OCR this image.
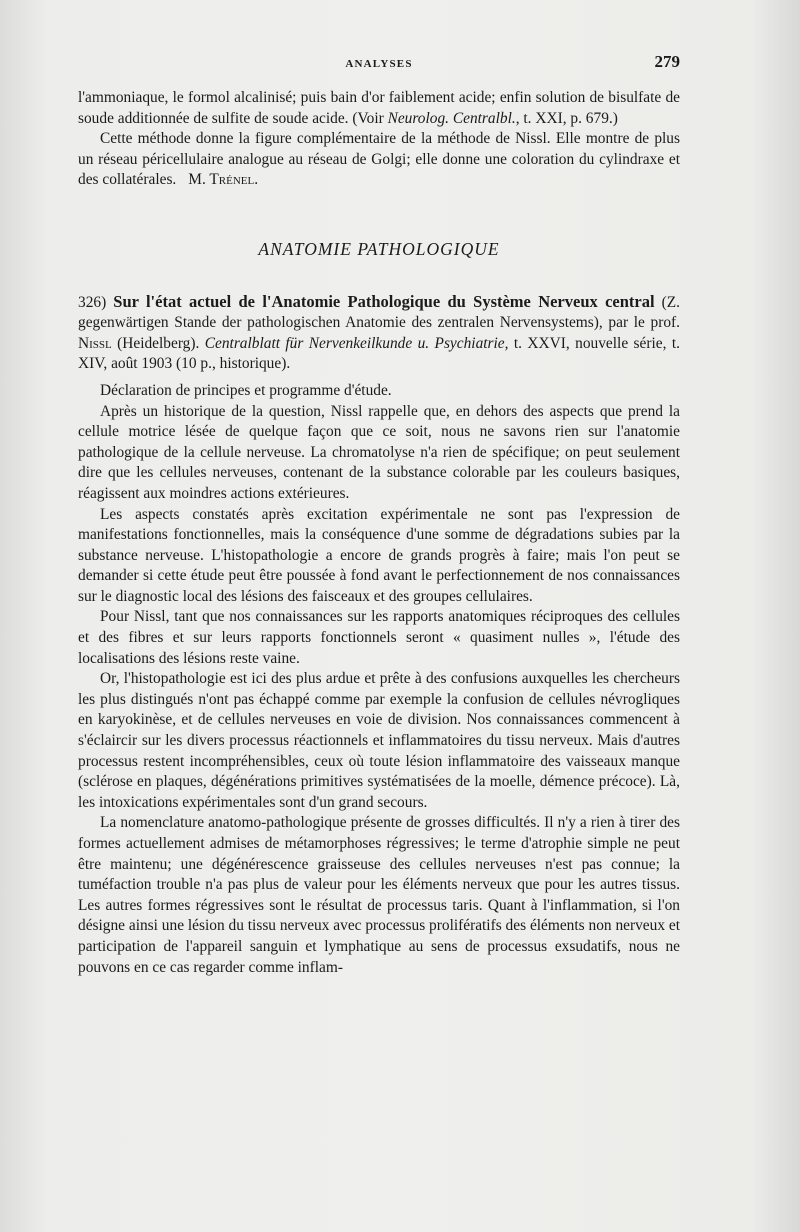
ANALYSES	279

l'ammoniaque, le formol alcalinisé; puis bain d'or faiblement acide; enfin solution de bisulfate de soude additionnée de sulfite de soude acide. (Voir Neurolog. Centralbl., t. XXI, p. 679.)

Cette méthode donne la figure complémentaire de la méthode de Nissl. Elle montre de plus un réseau péricellulaire analogue au réseau de Golgi; elle donne une coloration du cylindraxe et des collatérales. M. Trénel.

ANATOMIE PATHOLOGIQUE

326) Sur l'état actuel de l'Anatomie Pathologique du Système Nerveux central (Z. gegenwärtigen Stande der pathologischen Anatomie des zentralen Nervensystems), par le prof. Nissl (Heidelberg). Centralblatt für Nervenkeilkunde u. Psychiatrie, t. XXVI, nouvelle série, t. XIV, août 1903 (10 p., historique).

Déclaration de principes et programme d'étude.

Après un historique de la question, Nissl rappelle que, en dehors des aspects que prend la cellule motrice lésée de quelque façon que ce soit, nous ne savons rien sur l'anatomie pathologique de la cellule nerveuse. La chromatolyse n'a rien de spécifique; on peut seulement dire que les cellules nerveuses, contenant de la substance colorable par les couleurs basiques, réagissent aux moindres actions extérieures.

Les aspects constatés après excitation expérimentale ne sont pas l'expression de manifestations fonctionnelles, mais la conséquence d'une somme de dégradations subies par la substance nerveuse. L'histopathologie a encore de grands progrès à faire; mais l'on peut se demander si cette étude peut être poussée à fond avant le perfectionnement de nos connaissances sur le diagnostic local des lésions des faisceaux et des groupes cellulaires.

Pour Nissl, tant que nos connaissances sur les rapports anatomiques réciproques des cellules et des fibres et sur leurs rapports fonctionnels seront « quasiment nulles », l'étude des localisations des lésions reste vaine.

Or, l'histopathologie est ici des plus ardue et prête à des confusions auxquelles les chercheurs les plus distingués n'ont pas échappé comme par exemple la confusion de cellules névrogliques en karyokinèse, et de cellules nerveuses en voie de division. Nos connaissances commencent à s'éclaircir sur les divers processus réactionnels et inflammatoires du tissu nerveux. Mais d'autres processus restent incompréhensibles, ceux où toute lésion inflammatoire des vaisseaux manque (sclérose en plaques, dégénérations primitives systématisées de la moelle, démence précoce). Là, les intoxications expérimentales sont d'un grand secours.

La nomenclature anatomo-pathologique présente de grosses difficultés. Il n'y a rien à tirer des formes actuellement admises de métamorphoses régressives; le terme d'atrophie simple ne peut être maintenu; une dégénérescence graisseuse des cellules nerveuses n'est pas connue; la tuméfaction trouble n'a pas plus de valeur pour les éléments nerveux que pour les autres tissus. Les autres formes régressives sont le résultat de processus taris. Quant à l'inflammation, si l'on désigne ainsi une lésion du tissu nerveux avec processus prolifératifs des éléments non nerveux et participation de l'appareil sanguin et lymphatique au sens de processus exsudatifs, nous ne pouvons en ce cas regarder comme inflam-
